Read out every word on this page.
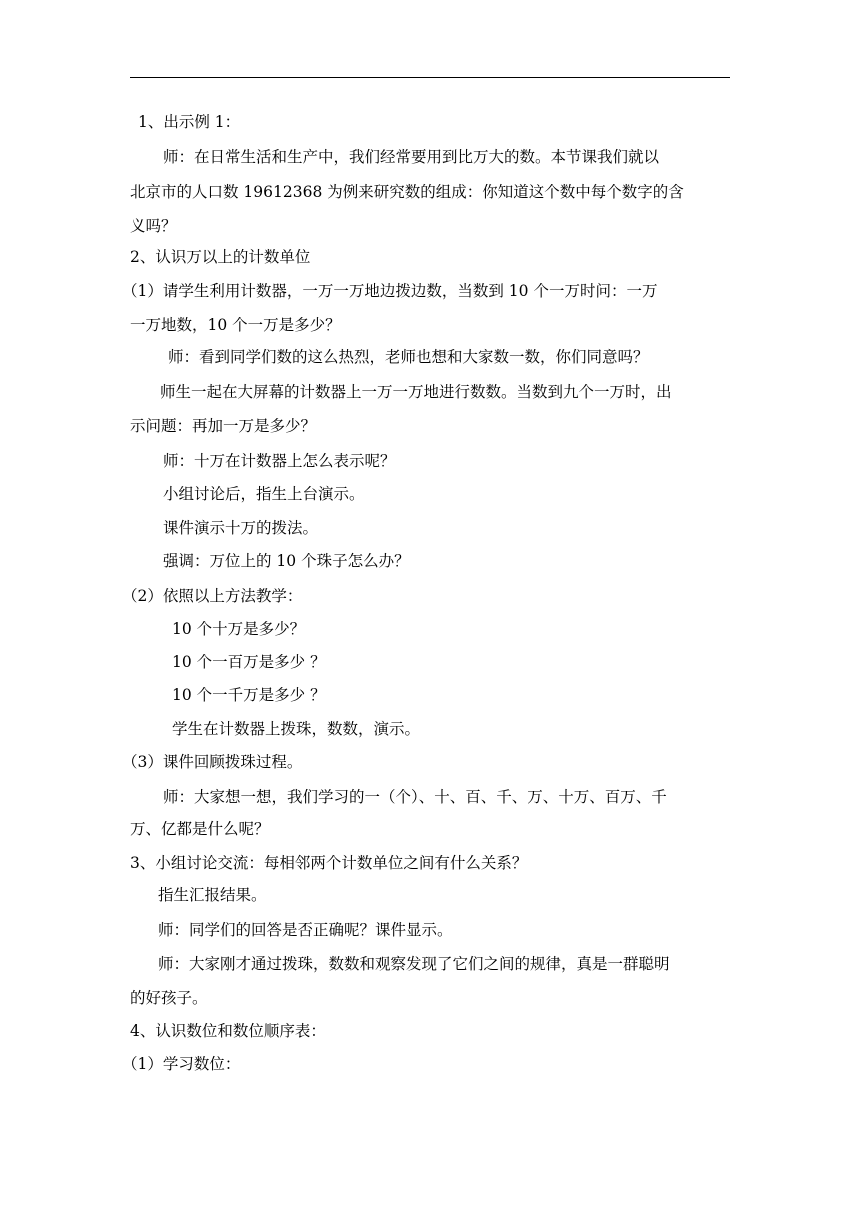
1、出示例 1：
师：在日常生活和生产中，我们经常要用到比万大的数。本节课我们就以
北京市的人口数 19612368 为例来研究数的组成：你知道这个数中每个数字的含
义吗？
2、认识万以上的计数单位
（1）请学生利用计数器，一万一万地边拨边数，当数到 10 个一万时问：一万
一万地数，10 个一万是多少？
师：看到同学们数的这么热烈，老师也想和大家数一数，你们同意吗？
师生一起在大屏幕的计数器上一万一万地进行数数。当数到九个一万时，出
示问题：再加一万是多少？
师：十万在计数器上怎么表示呢？
小组讨论后，指生上台演示。
课件演示十万的拨法。
强调：万位上的 10 个珠子怎么办？
（2）依照以上方法教学：
10 个十万是多少？
10 个一百万是多少 ？
10 个一千万是多少 ？
学生在计数器上拨珠，数数，演示。
（3）课件回顾拨珠过程。
师：大家想一想，我们学习的一（个）、十、百、千、万、十万、百万、千
万、亿都是什么呢？
3、小组讨论交流：每相邻两个计数单位之间有什么关系？
指生汇报结果。
师：同学们的回答是否正确呢？课件显示。
师：大家刚才通过拨珠，数数和观察发现了它们之间的规律，真是一群聪明
的好孩子。
4、认识数位和数位顺序表：
（1）学习数位：
